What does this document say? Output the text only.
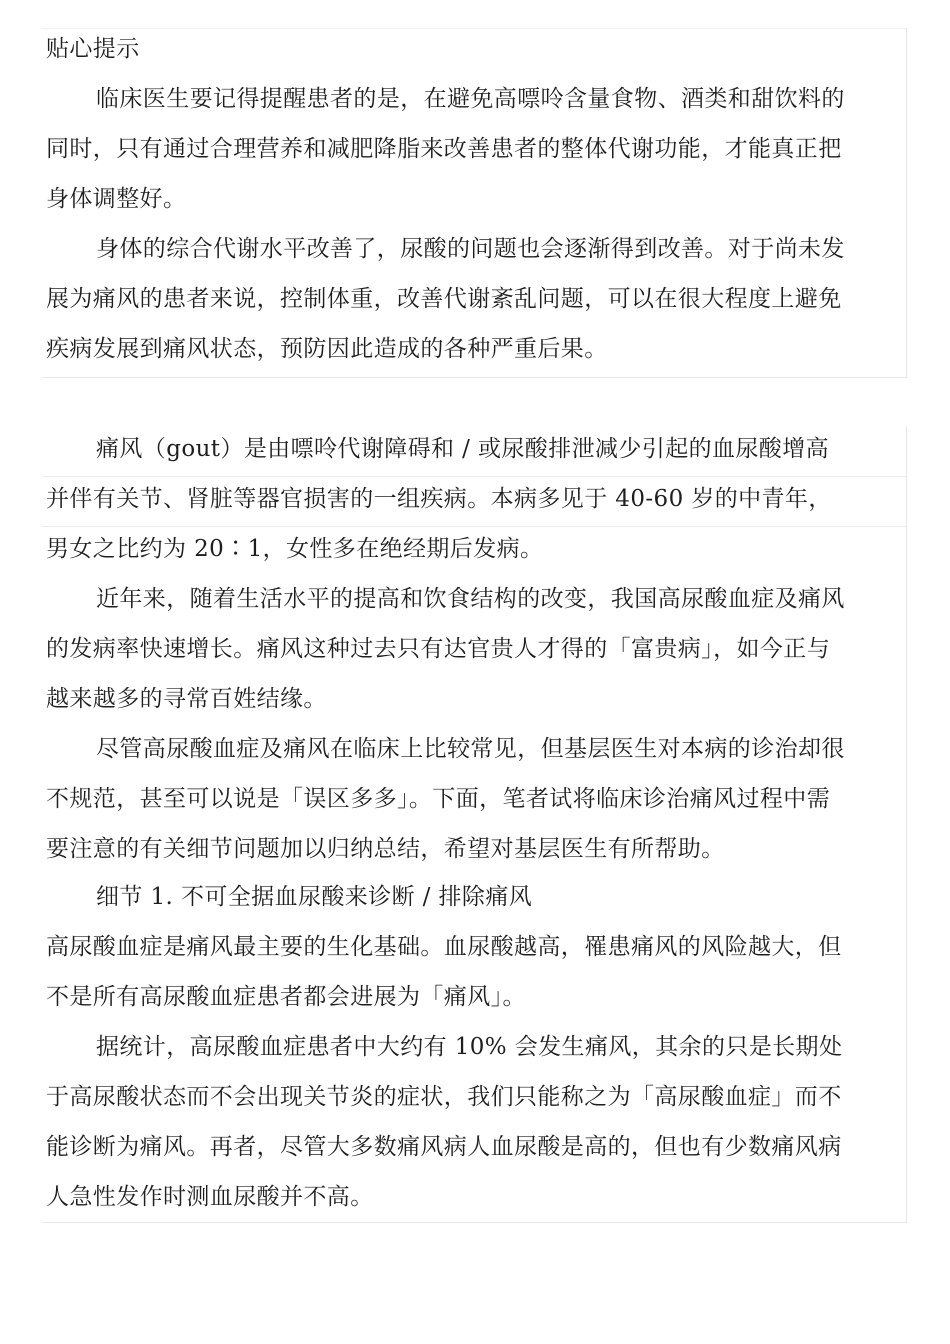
贴心提示
临床医生要记得提醒患者的是，在避免高嘌呤含量食物、酒类和甜饮料的
同时，只有通过合理营养和减肥降脂来改善患者的整体代谢功能，才能真正把
身体调整好。
身体的综合代谢水平改善了，尿酸的问题也会逐渐得到改善。对于尚未发
展为痛风的患者来说，控制体重，改善代谢紊乱问题，可以在很大程度上避免
疾病发展到痛风状态，预防因此造成的各种严重后果。
痛风（gout）是由嘌呤代谢障碍和 / 或尿酸排泄减少引起的血尿酸增高
并伴有关节、肾脏等器官损害的一组疾病。本病多见于 40-60 岁的中青年，
男女之比约为 20∶1，女性多在绝经期后发病。
近年来，随着生活水平的提高和饮食结构的改变，我国高尿酸血症及痛风
的发病率快速增长。痛风这种过去只有达官贵人才得的「富贵病」，如今正与
越来越多的寻常百姓结缘。
尽管高尿酸血症及痛风在临床上比较常见，但基层医生对本病的诊治却很
不规范，甚至可以说是「误区多多」。下面，笔者试将临床诊治痛风过程中需
要注意的有关细节问题加以归纳总结，希望对基层医生有所帮助。
细节 1. 不可全据血尿酸来诊断 / 排除痛风
高尿酸血症是痛风最主要的生化基础。血尿酸越高，罹患痛风的风险越大，但
不是所有高尿酸血症患者都会进展为「痛风」。
据统计，高尿酸血症患者中大约有 10% 会发生痛风，其余的只是长期处
于高尿酸状态而不会出现关节炎的症状，我们只能称之为「高尿酸血症」而不
能诊断为痛风。再者，尽管大多数痛风病人血尿酸是高的，但也有少数痛风病
人急性发作时测血尿酸并不高。
